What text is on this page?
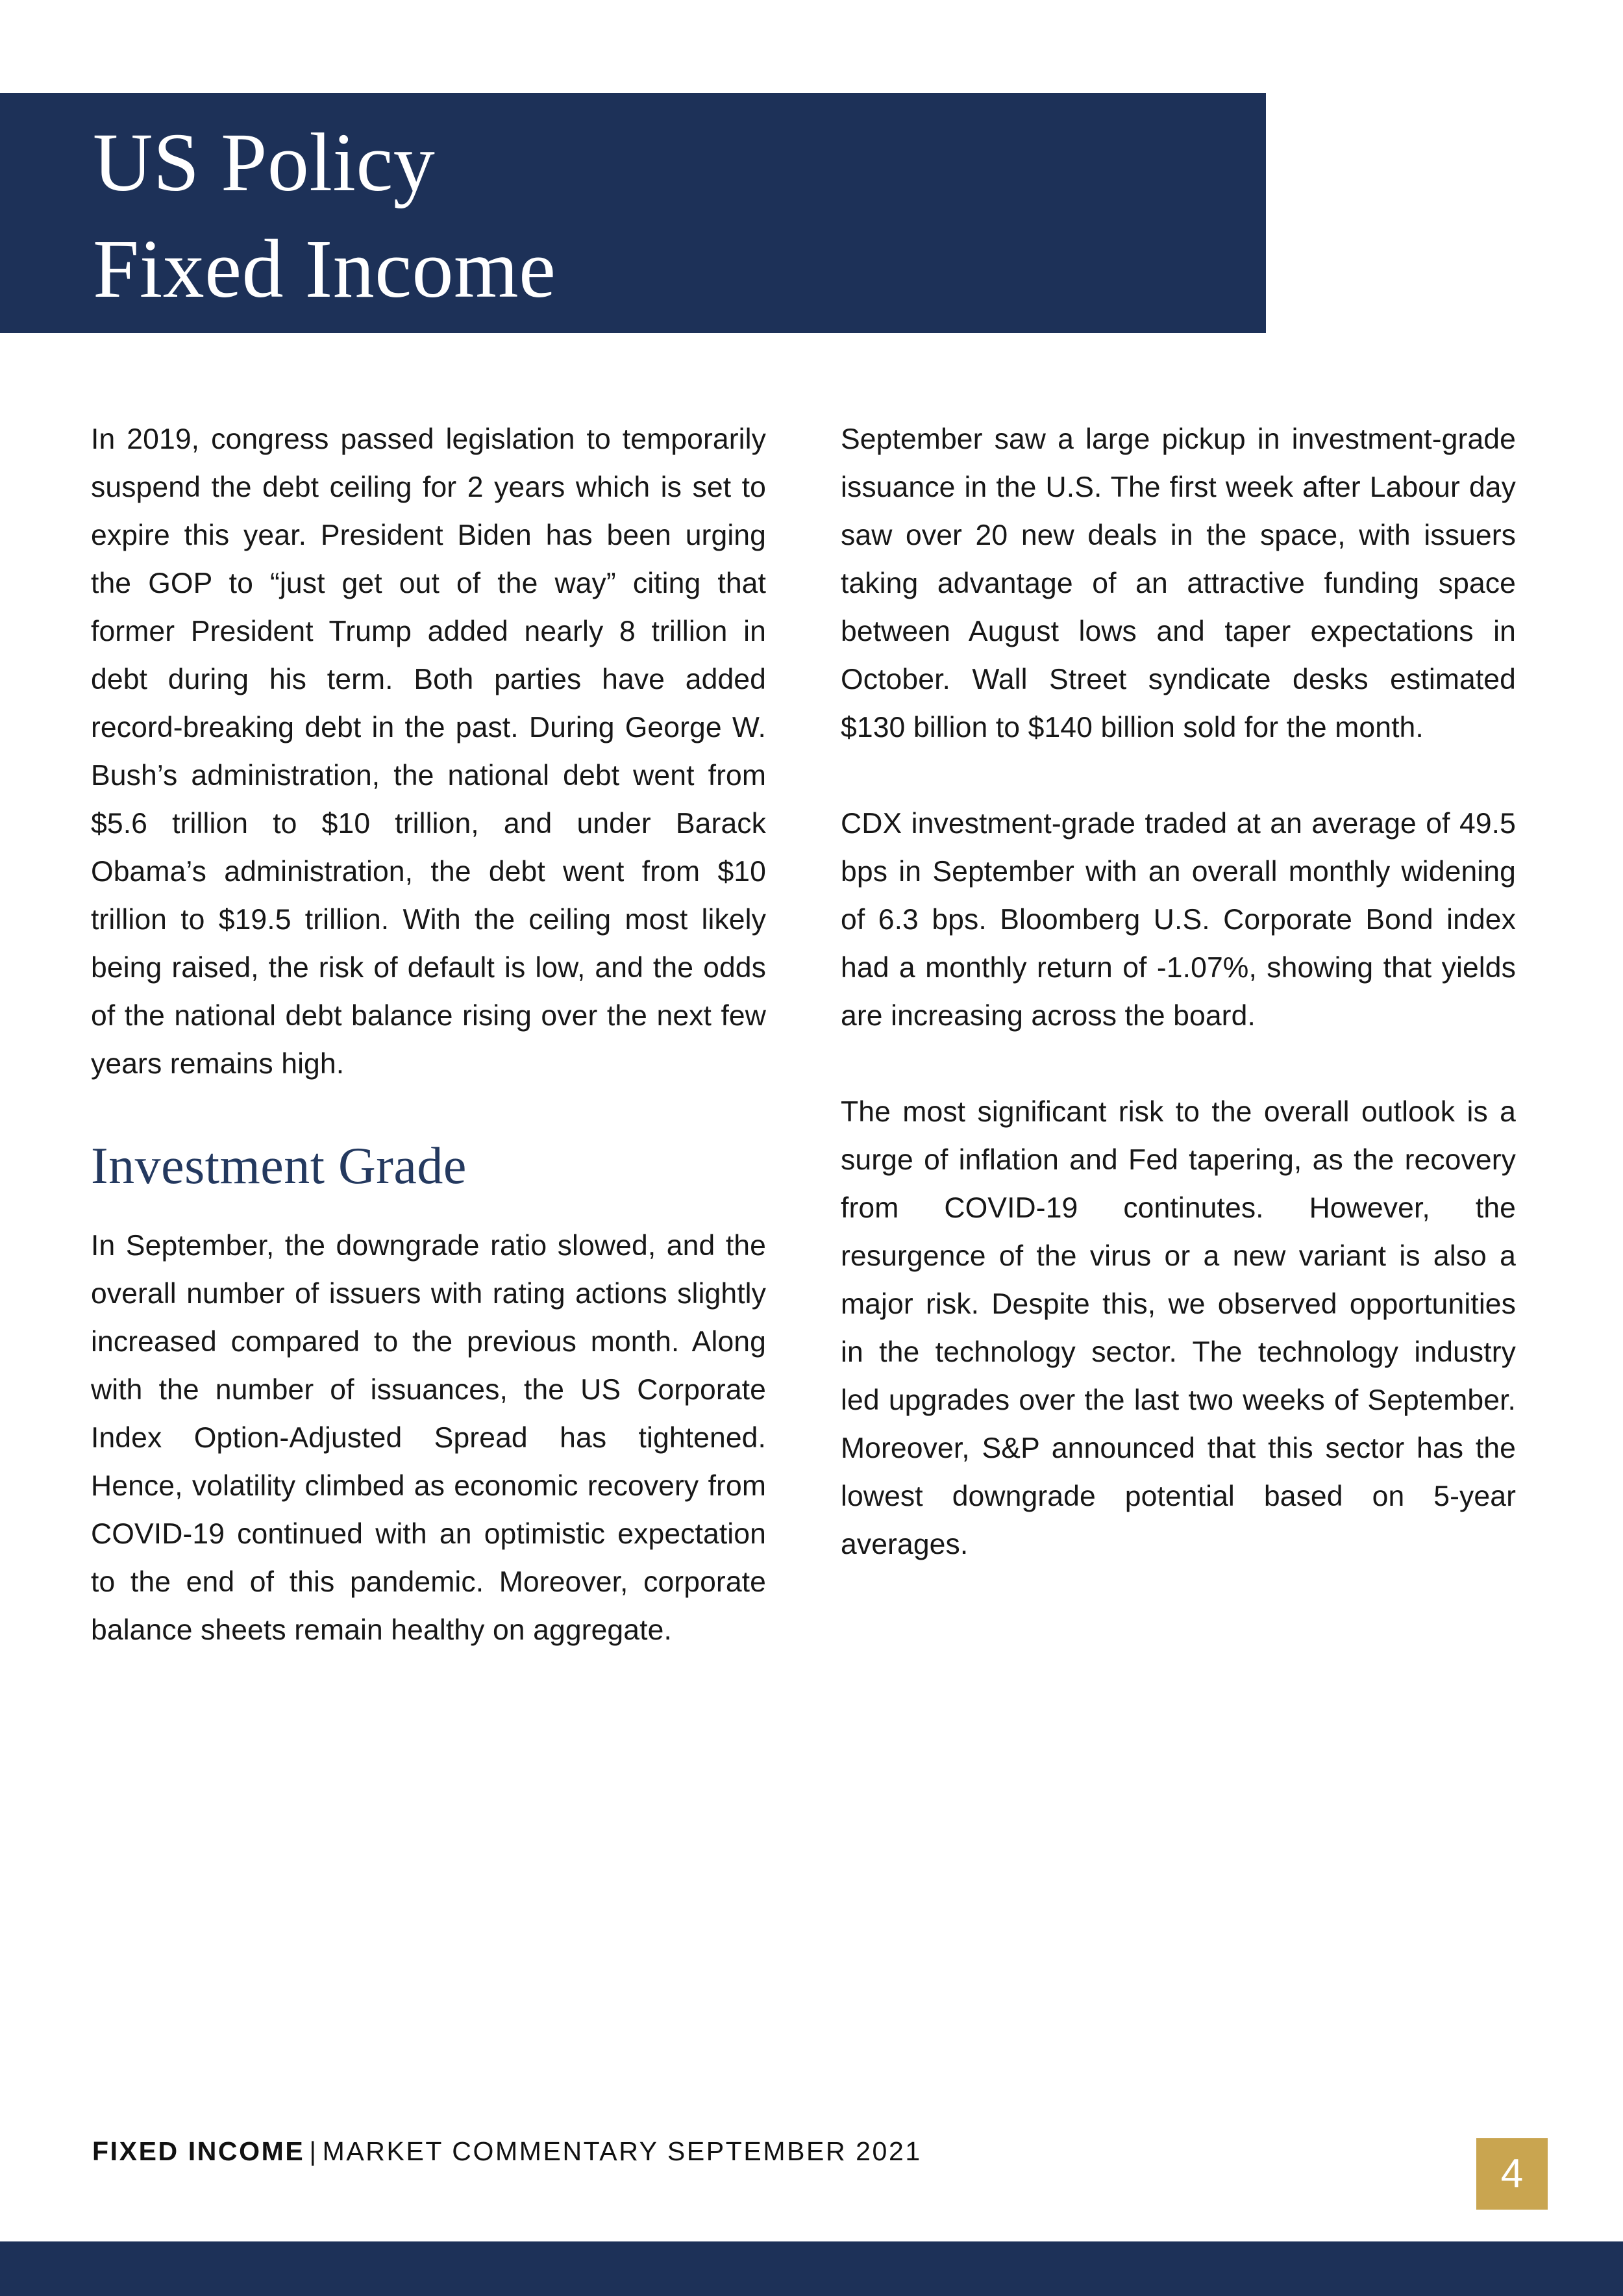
US Policy
Fixed Income

In 2019, congress passed legislation to temporarily suspend the debt ceiling for 2 years which is set to expire this year. President Biden has been urging the GOP to “just get out of the way” citing that former President Trump added nearly 8 trillion in debt during his term. Both parties have added record-breaking debt in the past. During George W. Bush’s administration, the national debt went from $5.6 trillion to $10 trillion, and under Barack Obama’s administration, the debt went from $10 trillion to $19.5 trillion. With the ceiling most likely being raised, the risk of default is low, and the odds of the national debt balance rising over the next few years remains high.

Investment Grade

In September, the downgrade ratio slowed, and the overall number of issuers with rating actions slightly increased compared to the previous month. Along with the number of issuances, the US Corporate Index Option-Adjusted Spread has tightened. Hence, volatility climbed as economic recovery from COVID-19 continued with an optimistic expectation to the end of this pandemic. Moreover, corporate balance sheets remain healthy on aggregate.

September saw a large pickup in investment-grade issuance in the U.S. The first week after Labour day saw over 20 new deals in the space, with issuers taking advantage of an attractive funding space between August lows and taper expectations in October. Wall Street syndicate desks estimated $130 billion to $140 billion sold for the month.

CDX investment-grade traded at an average of 49.5 bps in September with an overall monthly widening of 6.3 bps. Bloomberg U.S. Corporate Bond index had a monthly return of -1.07%, showing that yields are increasing across the board.

The most significant risk to the overall outlook is a surge of inflation and Fed tapering, as the recovery from COVID-19 continutes. However, the resurgence of the virus or a new variant is also a major risk. Despite this, we observed opportunities in the technology sector. The technology industry led upgrades over the last two weeks of September. Moreover, S&P announced that this sector has the lowest downgrade potential based on 5-year averages.

FIXED INCOME | MARKET COMMENTARY SEPTEMBER 2021	4
